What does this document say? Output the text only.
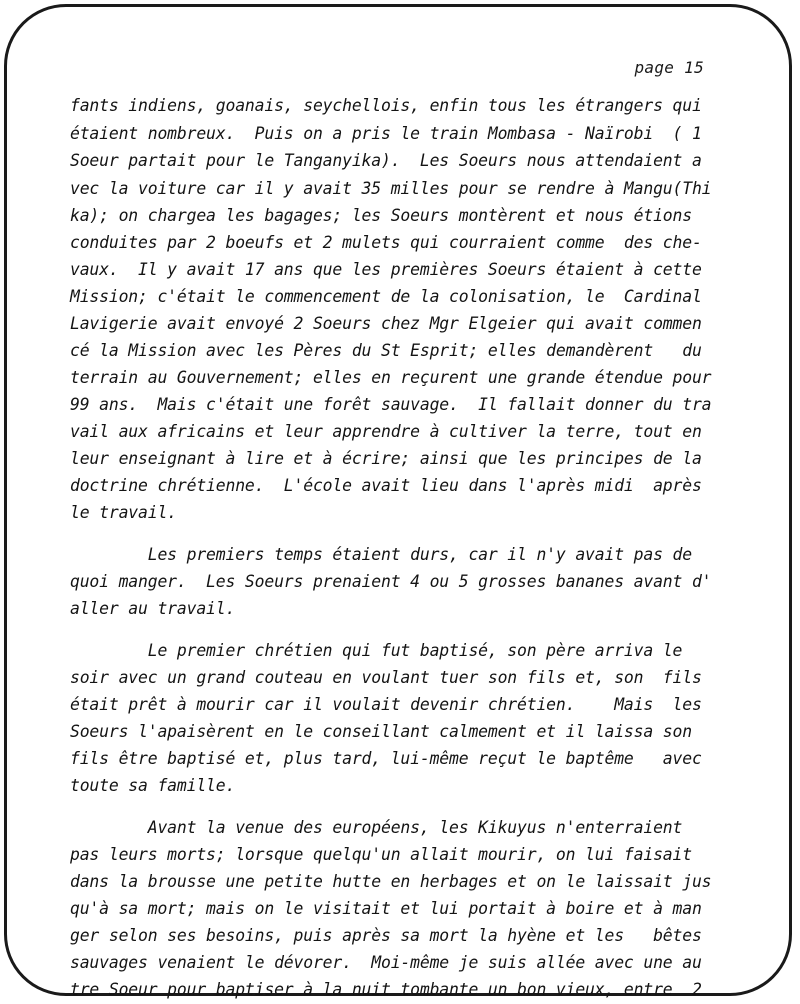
page 15
fants indiens, goanais, seychellois, enfin tous les étrangers qui
étaient nombreux.  Puis on a pris le train Mombasa - Naïrobi  ( 1
Soeur partait pour le Tanganyika).  Les Soeurs nous attendaient a
vec la voiture car il y avait 35 milles pour se rendre à Mangu(Thi
ka); on chargea les bagages; les Soeurs montèrent et nous étions
conduites par 2 boeufs et 2 mulets qui courraient comme  des che-
vaux.  Il y avait 17 ans que les premières Soeurs étaient à cette
Mission; c'était le commencement de la colonisation, le  Cardinal
Lavigerie avait envoyé 2 Soeurs chez Mgr Elgeier qui avait commen
cé la Mission avec les Pères du St Esprit; elles demandèrent   du
terrain au Gouvernement; elles en reçurent une grande étendue pour
99 ans.  Mais c'était une forêt sauvage.  Il fallait donner du tra
vail aux africains et leur apprendre à cultiver la terre, tout en
leur enseignant à lire et à écrire; ainsi que les principes de la
doctrine chrétienne.  L'école avait lieu dans l'après midi  après
le travail.
Les premiers temps étaient durs, car il n'y avait pas de
quoi manger.  Les Soeurs prenaient 4 ou 5 grosses bananes avant d'
aller au travail.
Le premier chrétien qui fut baptisé, son père arriva le
soir avec un grand couteau en voulant tuer son fils et, son  fils
était prêt à mourir car il voulait devenir chrétien.    Mais  les
Soeurs l'apaisèrent en le conseillant calmement et il laissa son
fils être baptisé et, plus tard, lui-même reçut le baptême   avec
toute sa famille.
Avant la venue des européens, les Kikuyus n'enterraient
pas leurs morts; lorsque quelqu'un allait mourir, on lui faisait
dans la brousse une petite hutte en herbages et on le laissait jus
qu'à sa mort; mais on le visitait et lui portait à boire et à man
ger selon ses besoins, puis après sa mort la hyène et les   bêtes
sauvages venaient le dévorer.  Moi-même je suis allée avec une au
tre Soeur pour baptiser à la nuit tombante un bon vieux, entre  2
